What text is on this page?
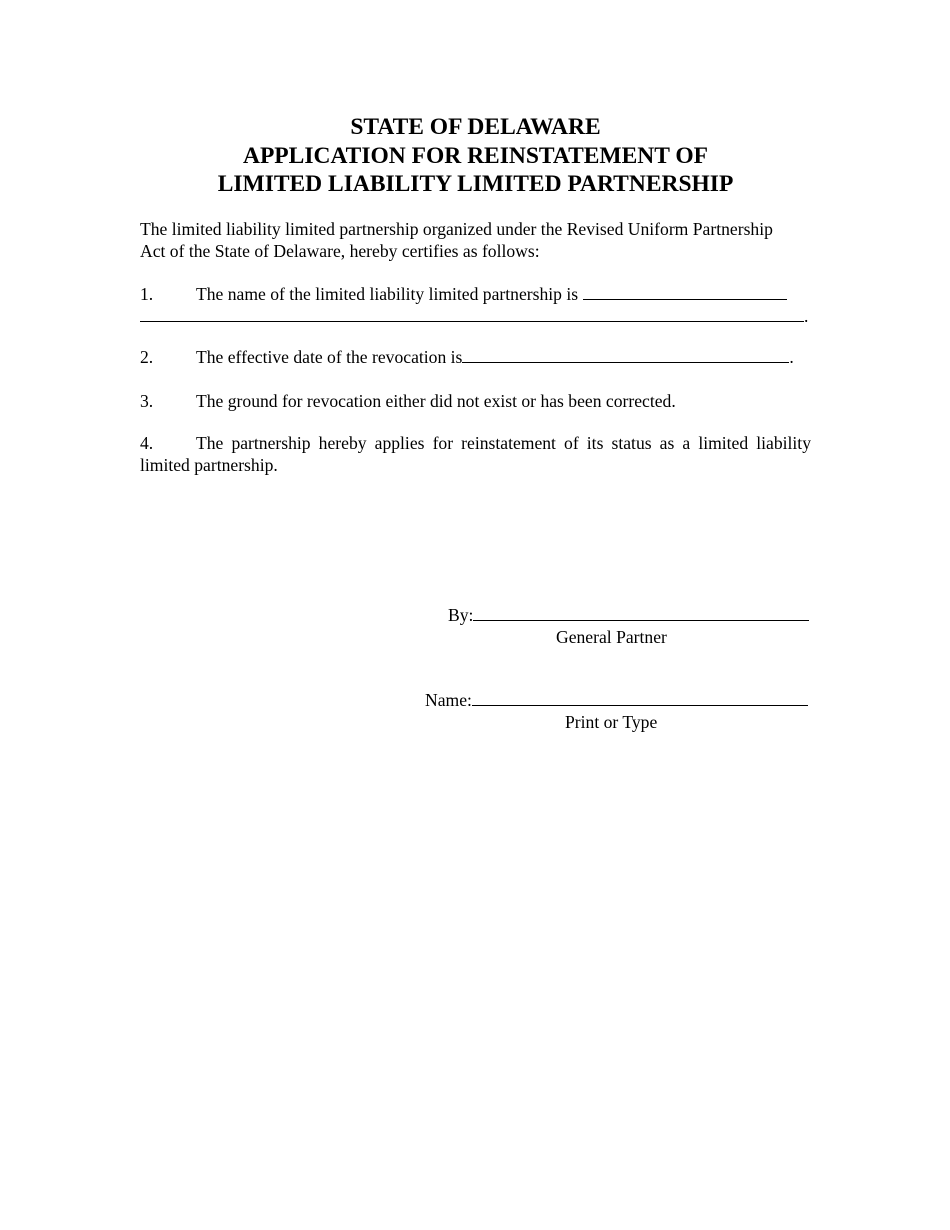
STATE OF DELAWARE
APPLICATION FOR REINSTATEMENT OF
LIMITED LIABILITY LIMITED PARTNERSHIP
The limited liability limited partnership organized under the Revised Uniform Partnership
Act of the State of Delaware, hereby certifies as follows:
1. The name of the limited liability limited partnership is
.
2. The effective date of the revocation is	.
3. The ground for revocation either did not exist or has been corrected.
4. The partnership hereby applies for reinstatement of its status as a limited liability
limited partnership.
By:
General Partner
Name:
Print or Type
